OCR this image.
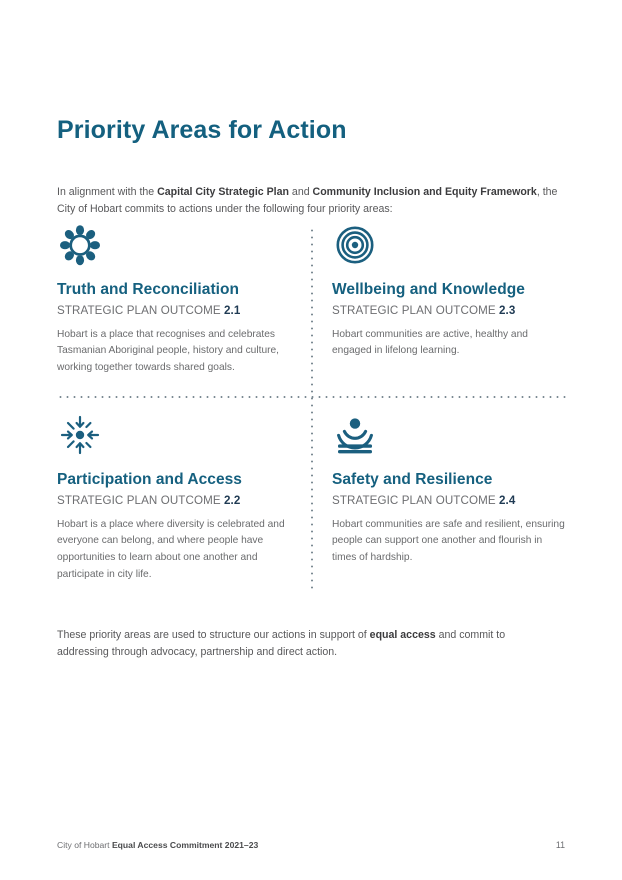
Priority Areas for Action

In alignment with the Capital City Strategic Plan and Community Inclusion and Equity Framework, the City of Hobart commits to actions under the following four priority areas:

Truth and Reconciliation
STRATEGIC PLAN OUTCOME 2.1
Hobart is a place that recognises and celebrates Tasmanian Aboriginal people, history and culture, working together towards shared goals.
Wellbeing and Knowledge
STRATEGIC PLAN OUTCOME 2.3
Hobart communities are active, healthy and engaged in lifelong learning.
Participation and Access
STRATEGIC PLAN OUTCOME 2.2
Hobart is a place where diversity is celebrated and everyone can belong, and where people have opportunities to learn about one another and participate in city life.
Safety and Resilience
STRATEGIC PLAN OUTCOME 2.4
Hobart communities are safe and resilient, ensuring people can support one another and flourish in times of hardship.

These priority areas are used to structure our actions in support of equal access and commit to addressing through advocacy, partnership and direct action.

City of Hobart Equal Access Commitment 2021–23	11
